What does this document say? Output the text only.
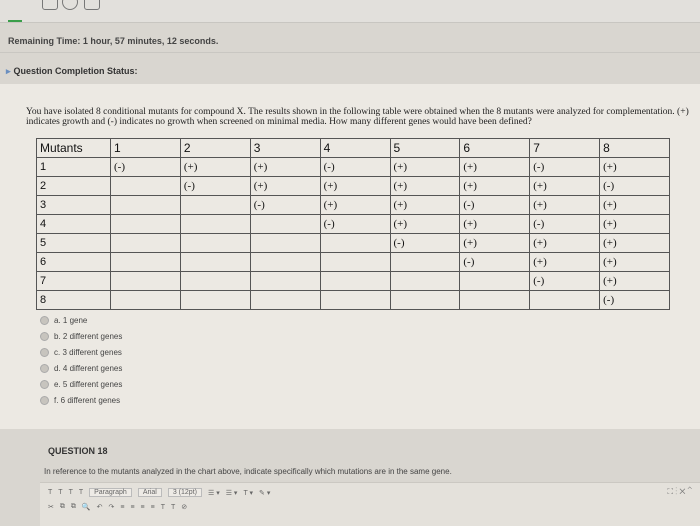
Remaining Time: 1 hour, 57 minutes, 12 seconds.
▸ Question Completion Status:
You have isolated 8 conditional mutants for compound X. The results shown in the following table were obtained when the 8 mutants were analyzed for complementation. (+) indicates growth and (-) indicates no growth when screened on minimal media. How many different genes would have been defined?
Mutants	1	2	3	4	5	6	7	8
1	(-)	(+)	(+)	(-)	(+)	(+)	(-)	(+)
2		(-)	(+)	(+)	(+)	(+)	(+)	(-)
3			(-)	(+)	(+)	(-)	(+)	(+)
4				(-)	(+)	(+)	(-)	(+)
5					(-)	(+)	(+)	(+)
6						(-)	(+)	(+)
7							(-)	(+)
8								(-)
a. 1 gene
b. 2 different genes
c. 3 different genes
d. 4 different genes
e. 5 different genes
f. 6 different genes
QUESTION 18
In reference to the mutants analyzed in the chart above, indicate specifically which mutations are in the same gene.
T T T T	Paragraph	Arial	3 (12pt)	☰ ▾ ☰ ▾ T ▾ ✎ ▾
✂ ⧉ ⧉ 🔍 ↶ ↷ ≡ ≡ ≡ ≡ T T ⊘
⛶ ⁝ ✕ ⌃
